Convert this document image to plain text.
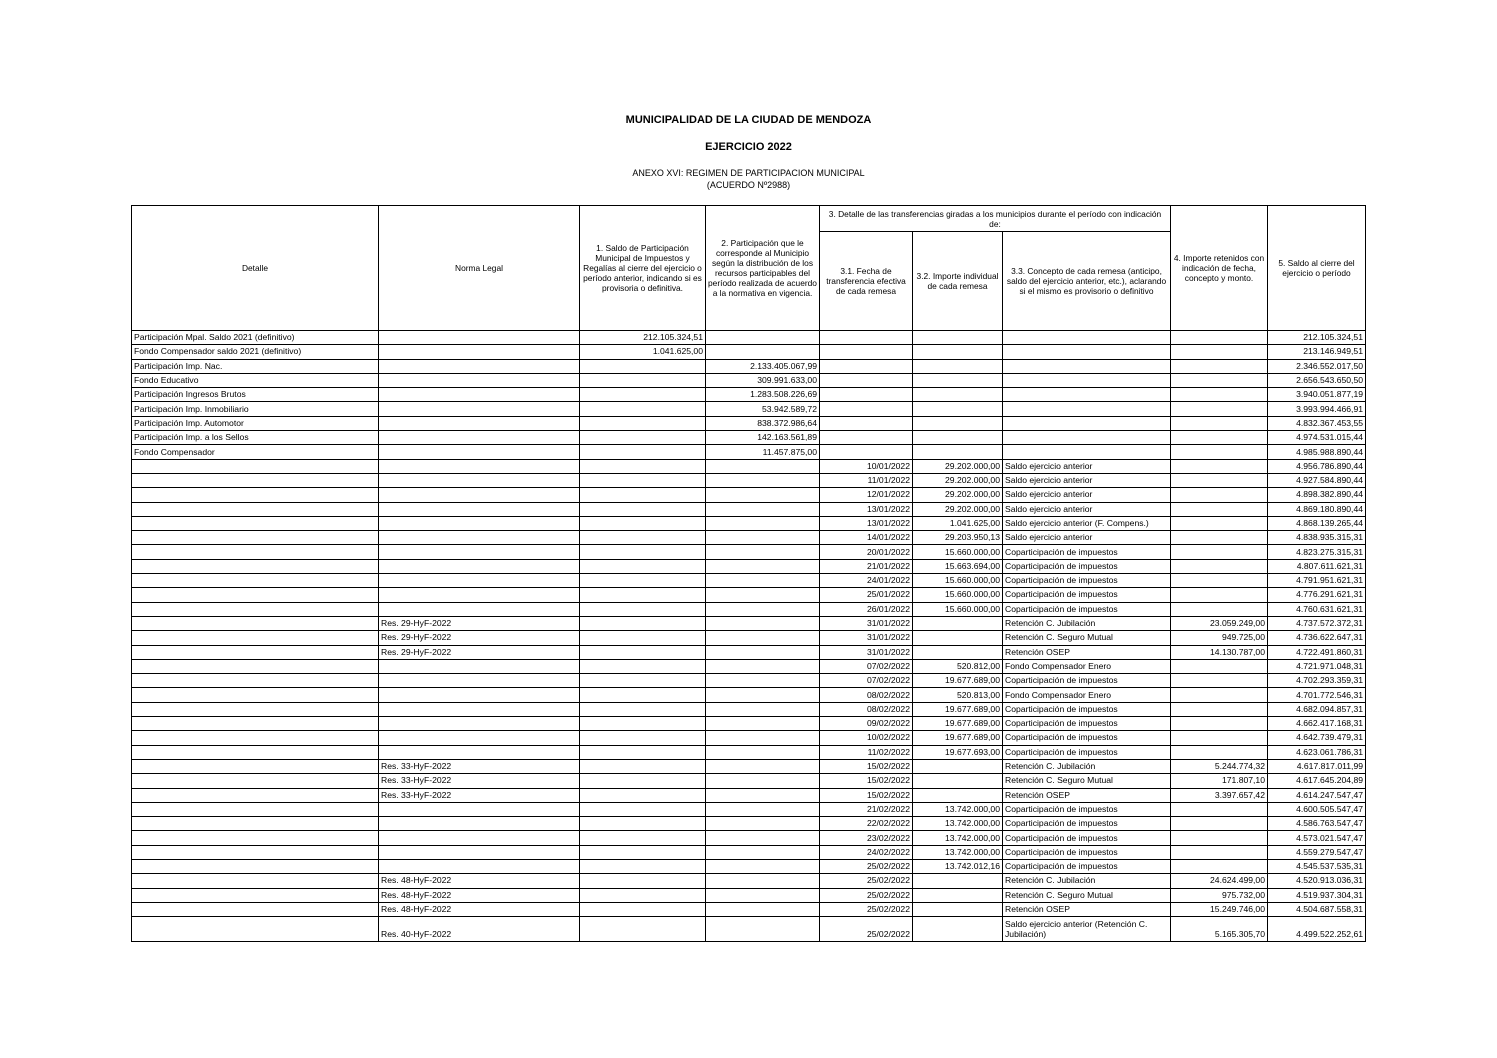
MUNICIPALIDAD DE LA CIUDAD DE MENDOZA
EJERCICIO 2022
ANEXO XVI: REGIMEN DE PARTICIPACION MUNICIPAL
(ACUERDO Nº2988)
Detalle	Norma Legal	1. Saldo de Participación Municipal de Impuestos y Regalías al cierre del ejercicio o período anterior, indicando si es provisoria o definitiva.	2. Participación que le corresponde al Municipio según la distribución de los recursos participables del período realizada de acuerdo a la normativa en vigencia.	3. Detalle de las transferencias giradas a los municipios durante el período con indicación de:			4. Importe retenidos con indicación de fecha, concepto y monto.	5. Saldo al cierre del ejercicio o período
				3.1. Fecha de transferencia efectiva de cada remesa	3.2. Importe individual de cada remesa	3.3. Concepto de cada remesa (anticipo, saldo del ejercicio anterior, etc.), aclarando si el mismo es provisorio o definitivo		
Participación Mpal. Saldo 2021 (definitivo)		212.105.324,51						212.105.324,51
Fondo Compensador saldo 2021 (definitivo)		1.041.625,00						213.146.949,51
Participación Imp. Nac.			2.133.405.067,99					2.346.552.017,50
Fondo Educativo			309.991.633,00					2.656.543.650,50
Participación Ingresos Brutos			1.283.508.226,69					3.940.051.877,19
Participación Imp. Inmobiliario			53.942.589,72					3.993.994.466,91
Participación Imp. Automotor			838.372.986,64					4.832.367.453,55
Participación Imp. a los Sellos			142.163.561,89					4.974.531.015,44
Fondo Compensador			11.457.875,00					4.985.988.890,44
				10/01/2022	29.202.000,00	Saldo ejercicio anterior		4.956.786.890,44
				11/01/2022	29.202.000,00	Saldo ejercicio anterior		4.927.584.890,44
				12/01/2022	29.202.000,00	Saldo ejercicio anterior		4.898.382.890,44
				13/01/2022	29.202.000,00	Saldo ejercicio anterior		4.869.180.890,44
				13/01/2022	1.041.625,00	Saldo ejercicio anterior (F. Compens.)		4.868.139.265,44
				14/01/2022	29.203.950,13	Saldo ejercicio anterior		4.838.935.315,31
				20/01/2022	15.660.000,00	Coparticipación de impuestos		4.823.275.315,31
				21/01/2022	15.663.694,00	Coparticipación de impuestos		4.807.611.621,31
				24/01/2022	15.660.000,00	Coparticipación de impuestos		4.791.951.621,31
				25/01/2022	15.660.000,00	Coparticipación de impuestos		4.776.291.621,31
				26/01/2022	15.660.000,00	Coparticipación de impuestos		4.760.631.621,31
	Res. 29-HyF-2022			31/01/2022		Retención C. Jubilación	23.059.249,00	4.737.572.372,31
	Res. 29-HyF-2022			31/01/2022		Retención C. Seguro Mutual	949.725,00	4.736.622.647,31
	Res. 29-HyF-2022			31/01/2022		Retención OSEP	14.130.787,00	4.722.491.860,31
				07/02/2022	520.812,00	Fondo Compensador Enero		4.721.971.048,31
				07/02/2022	19.677.689,00	Coparticipación de impuestos		4.702.293.359,31
				08/02/2022	520.813,00	Fondo Compensador Enero		4.701.772.546,31
				08/02/2022	19.677.689,00	Coparticipación de impuestos		4.682.094.857,31
				09/02/2022	19.677.689,00	Coparticipación de impuestos		4.662.417.168,31
				10/02/2022	19.677.689,00	Coparticipación de impuestos		4.642.739.479,31
				11/02/2022	19.677.693,00	Coparticipación de impuestos		4.623.061.786,31
	Res. 33-HyF-2022			15/02/2022		Retención C. Jubilación	5.244.774,32	4.617.817.011,99
	Res. 33-HyF-2022			15/02/2022		Retención C. Seguro Mutual	171.807,10	4.617.645.204,89
	Res. 33-HyF-2022			15/02/2022		Retención OSEP	3.397.657,42	4.614.247.547,47
				21/02/2022	13.742.000,00	Coparticipación de impuestos		4.600.505.547,47
				22/02/2022	13.742.000,00	Coparticipación de impuestos		4.586.763.547,47
				23/02/2022	13.742.000,00	Coparticipación de impuestos		4.573.021.547,47
				24/02/2022	13.742.000,00	Coparticipación de impuestos		4.559.279.547,47
				25/02/2022	13.742.012,16	Coparticipación de impuestos		4.545.537.535,31
	Res. 48-HyF-2022			25/02/2022		Retención C. Jubilación	24.624.499,00	4.520.913.036,31
	Res. 48-HyF-2022			25/02/2022		Retención C. Seguro Mutual	975.732,00	4.519.937.304,31
	Res. 48-HyF-2022			25/02/2022		Retención OSEP	15.249.746,00	4.504.687.558,31
	Res. 40-HyF-2022			25/02/2022		Saldo ejercicio anterior (Retención C. Jubilación)	5.165.305,70	4.499.522.252,61
